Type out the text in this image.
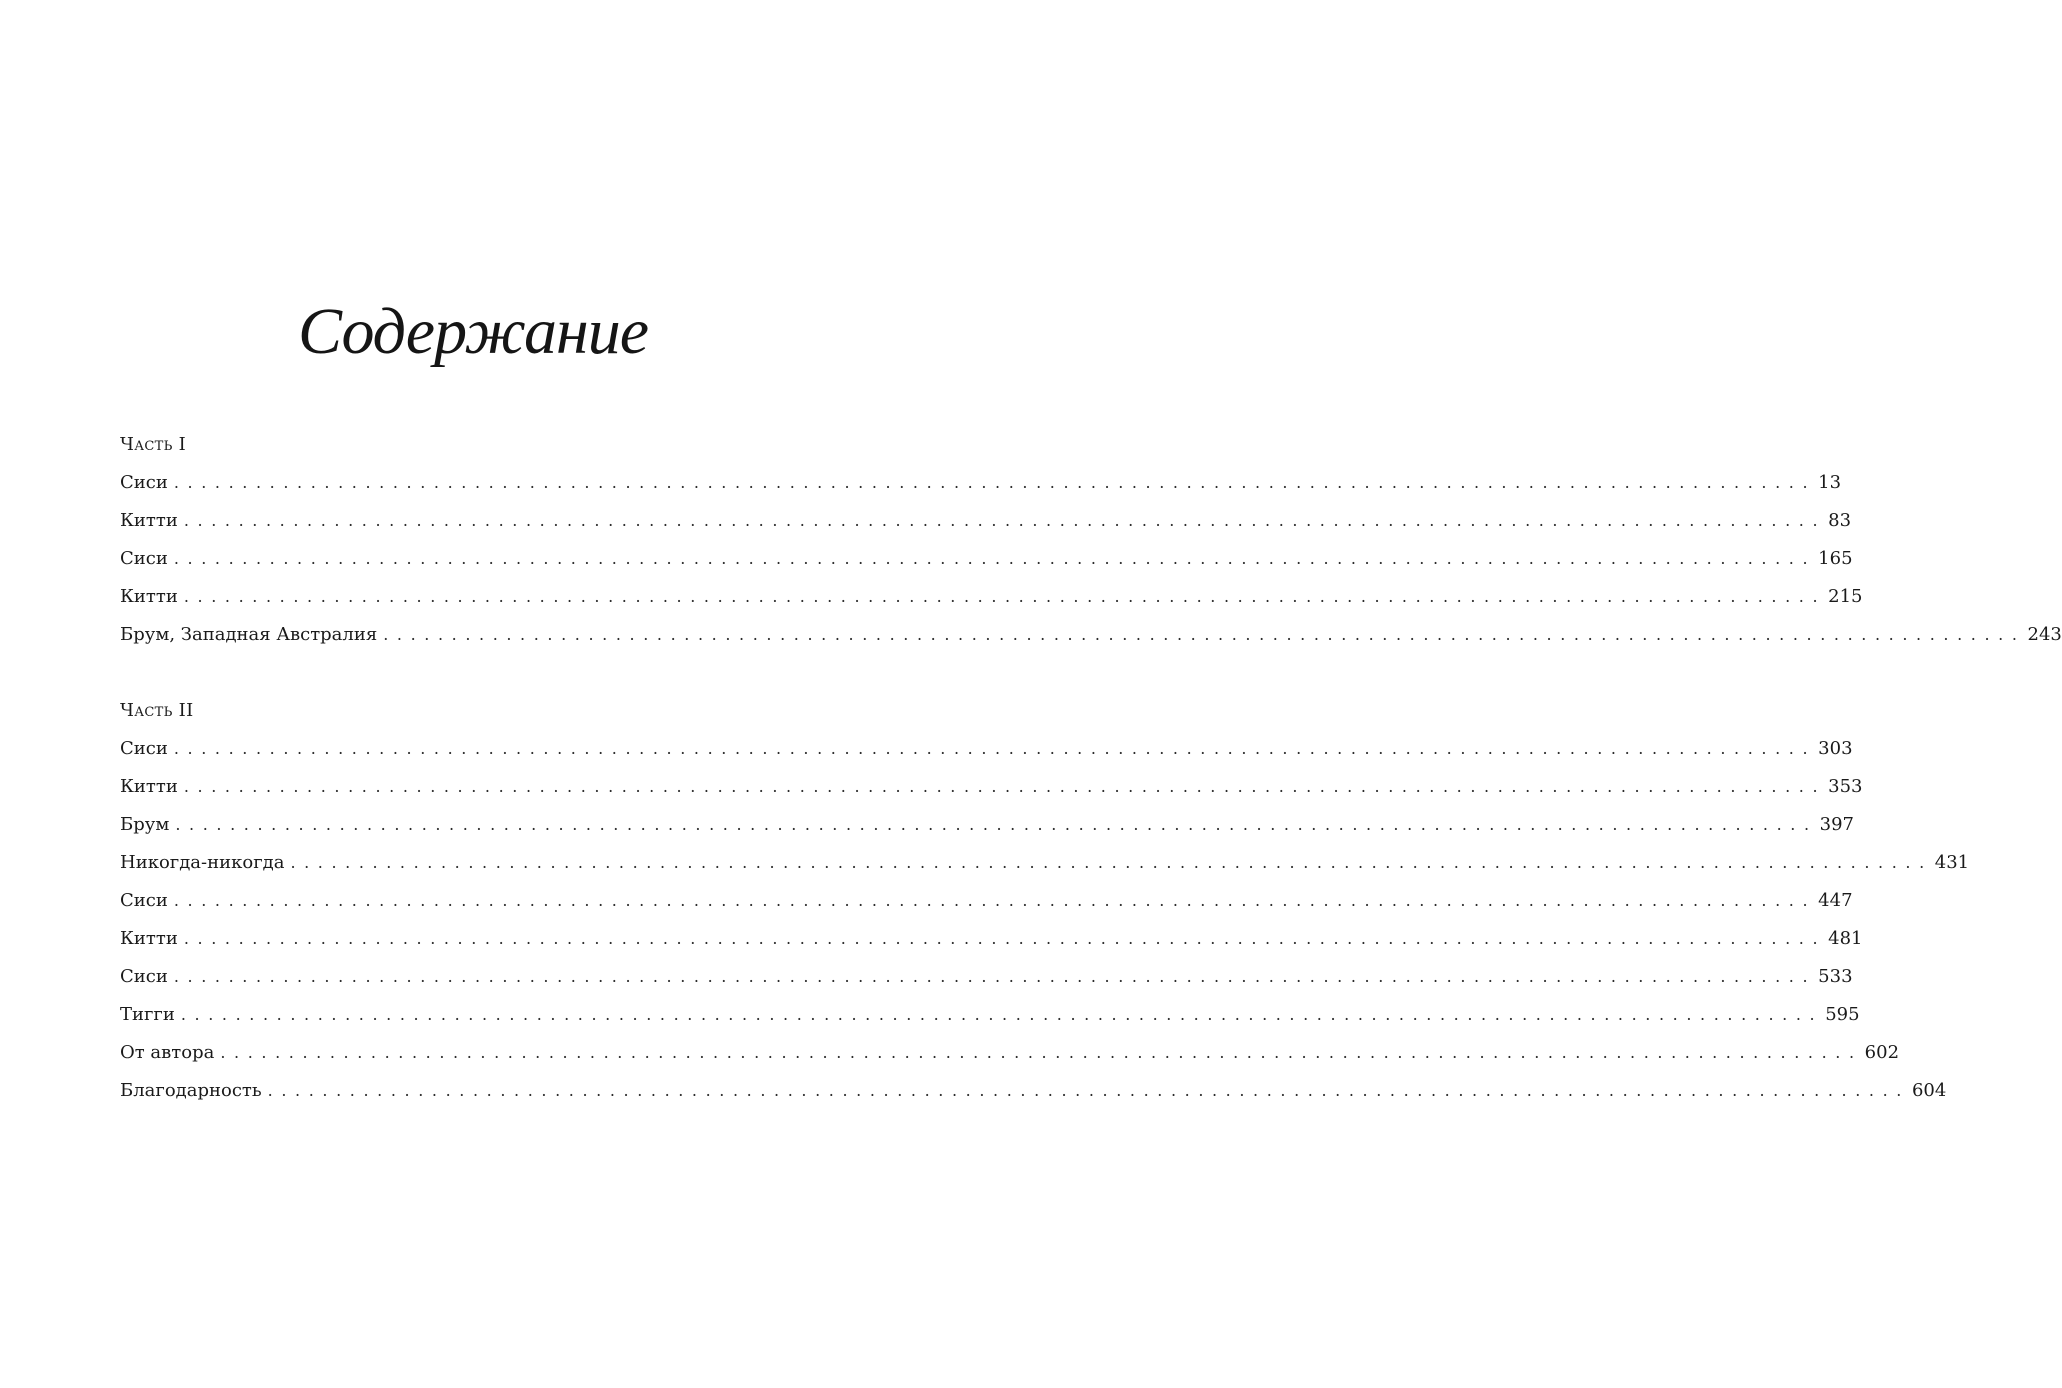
Содержание
Часть I
Сиси ........................................................................................................................ 13
Китти ........................................................................................................................ 83
Сиси ........................................................................................................................ 165
Китти ........................................................................................................................ 215
Брум, Западная Австралия ........................................................................................................................ 243
Часть II
Сиси ........................................................................................................................ 303
Китти ........................................................................................................................ 353
Брум ........................................................................................................................ 397
Никогда-никогда ........................................................................................................................ 431
Сиси ........................................................................................................................ 447
Китти ........................................................................................................................ 481
Сиси ........................................................................................................................ 533
Тигги ........................................................................................................................ 595
От автора ........................................................................................................................ 602
Благодарность ........................................................................................................................ 604
